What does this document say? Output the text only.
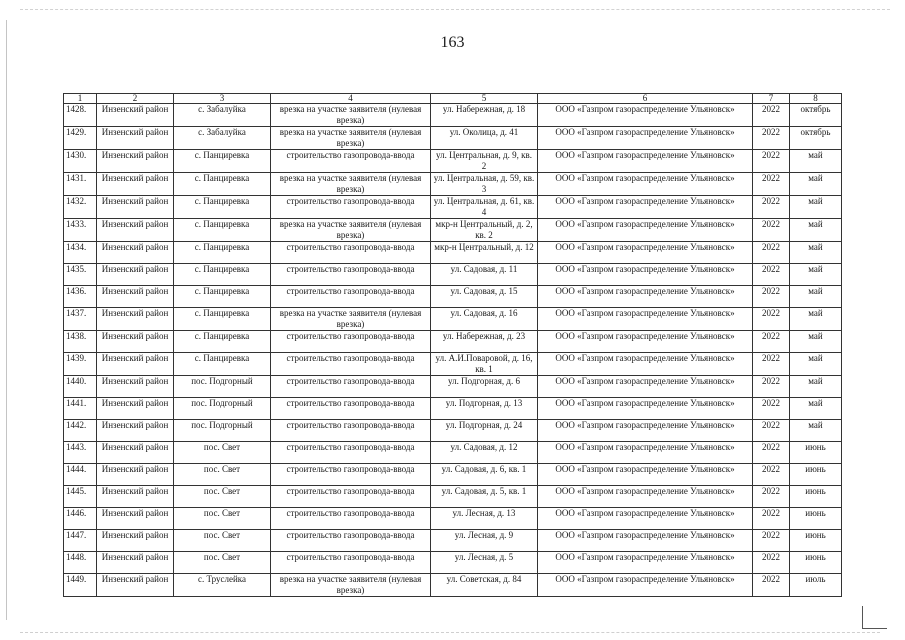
163
1	2	3	4	5	6	7	8
1428.	Инзенский район	с. Забалуйка	врезка на участке заявителя (нулевая врезка)	ул. Набережная, д. 18	ООО «Газпром газораспределение Ульяновск»	2022	октябрь
1429.	Инзенский район	с. Забалуйка	врезка на участке заявителя (нулевая врезка)	ул. Околица, д. 41	ООО «Газпром газораспределение Ульяновск»	2022	октябрь
1430.	Инзенский район	с. Панциревка	строительство газопровода-ввода	ул. Центральная, д. 9, кв. 2	ООО «Газпром газораспределение Ульяновск»	2022	май
1431.	Инзенский район	с. Панциревка	врезка на участке заявителя (нулевая врезка)	ул. Центральная, д. 59, кв. 3	ООО «Газпром газораспределение Ульяновск»	2022	май
1432.	Инзенский район	с. Панциревка	строительство газопровода-ввода	ул. Центральная, д. 61, кв. 4	ООО «Газпром газораспределение Ульяновск»	2022	май
1433.	Инзенский район	с. Панциревка	врезка на участке заявителя (нулевая врезка)	мкр-н Центральный, д. 2, кв. 2	ООО «Газпром газораспределение Ульяновск»	2022	май
1434.	Инзенский район	с. Панциревка	строительство газопровода-ввода	мкр-н Центральный, д. 12	ООО «Газпром газораспределение Ульяновск»	2022	май
1435.	Инзенский район	с. Панциревка	строительство газопровода-ввода	ул. Садовая, д. 11	ООО «Газпром газораспределение Ульяновск»	2022	май
1436.	Инзенский район	с. Панциревка	строительство газопровода-ввода	ул. Садовая, д. 15	ООО «Газпром газораспределение Ульяновск»	2022	май
1437.	Инзенский район	с. Панциревка	врезка на участке заявителя (нулевая врезка)	ул. Садовая, д. 16	ООО «Газпром газораспределение Ульяновск»	2022	май
1438.	Инзенский район	с. Панциревка	строительство газопровода-ввода	ул. Набережная, д. 23	ООО «Газпром газораспределение Ульяновск»	2022	май
1439.	Инзенский район	с. Панциревка	строительство газопровода-ввода	ул. А.И.Поваровой, д. 16, кв. 1	ООО «Газпром газораспределение Ульяновск»	2022	май
1440.	Инзенский район	пос. Подгорный	строительство газопровода-ввода	ул. Подгорная, д. 6	ООО «Газпром газораспределение Ульяновск»	2022	май
1441.	Инзенский район	пос. Подгорный	строительство газопровода-ввода	ул. Подгорная, д. 13	ООО «Газпром газораспределение Ульяновск»	2022	май
1442.	Инзенский район	пос. Подгорный	строительство газопровода-ввода	ул. Подгорная, д. 24	ООО «Газпром газораспределение Ульяновск»	2022	май
1443.	Инзенский район	пос. Свет	строительство газопровода-ввода	ул. Садовая, д. 12	ООО «Газпром газораспределение Ульяновск»	2022	июнь
1444.	Инзенский район	пос. Свет	строительство газопровода-ввода	ул. Садовая, д. 6, кв. 1	ООО «Газпром газораспределение Ульяновск»	2022	июнь
1445.	Инзенский район	пос. Свет	строительство газопровода-ввода	ул. Садовая, д. 5, кв. 1	ООО «Газпром газораспределение Ульяновск»	2022	июнь
1446.	Инзенский район	пос. Свет	строительство газопровода-ввода	ул. Лесная, д. 13	ООО «Газпром газораспределение Ульяновск»	2022	июнь
1447.	Инзенский район	пос. Свет	строительство газопровода-ввода	ул. Лесная, д. 9	ООО «Газпром газораспределение Ульяновск»	2022	июнь
1448.	Инзенский район	пос. Свет	строительство газопровода-ввода	ул. Лесная, д. 5	ООО «Газпром газораспределение Ульяновск»	2022	июнь
1449.	Инзенский район	с. Труслейка	врезка на участке заявителя (нулевая врезка)	ул. Советская, д. 84	ООО «Газпром газораспределение Ульяновск»	2022	июль
